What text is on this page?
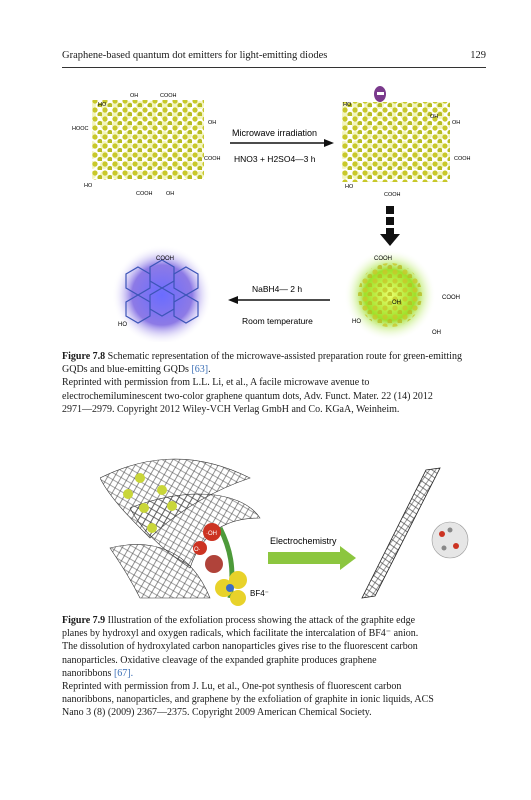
Graphene-based quantum dot emitters for light-emitting diodes	129
OH	COOH
HO
HOOC
OH
COOH
HO
COOH OH
Microwave irradiation
HNO3 + H2SO4—3 h
HO
OH
OH
COOH
HO
COOH
COOH
COOH
OH
HO
OH
NaBH4— 2 h
Room temperature
COOH
HO
Figure 7.8 Schematic representation of the microwave-assisted preparation route for green-emitting GQDs and blue-emitting GQDs [63].
Reprinted with permission from L.L. Li, et al., A facile microwave avenue to
electrochemiluminescent two-color graphene quantum dots, Adv. Funct. Mater. 22 (14) 2012
2971—2979. Copyright 2012 Wiley-VCH Verlag GmbH and Co. KGaA, Weinheim.
·OH
O·
BF4⁻
Electrochemistry
Figure 7.9 Illustration of the exfoliation process showing the attack of the graphite edge
planes by hydroxyl and oxygen radicals, which facilitate the intercalation of BF4⁻ anion.
The dissolution of hydroxylated carbon nanoparticles gives rise to the fluorescent carbon
nanoparticles. Oxidative cleavage of the expanded graphite produces graphene
nanoribbons [67].
Reprinted with permission from J. Lu, et al., One-pot synthesis of fluorescent carbon
nanoribbons, nanoparticles, and graphene by the exfoliation of graphite in ionic liquids, ACS
Nano 3 (8) (2009) 2367—2375. Copyright 2009 American Chemical Society.
